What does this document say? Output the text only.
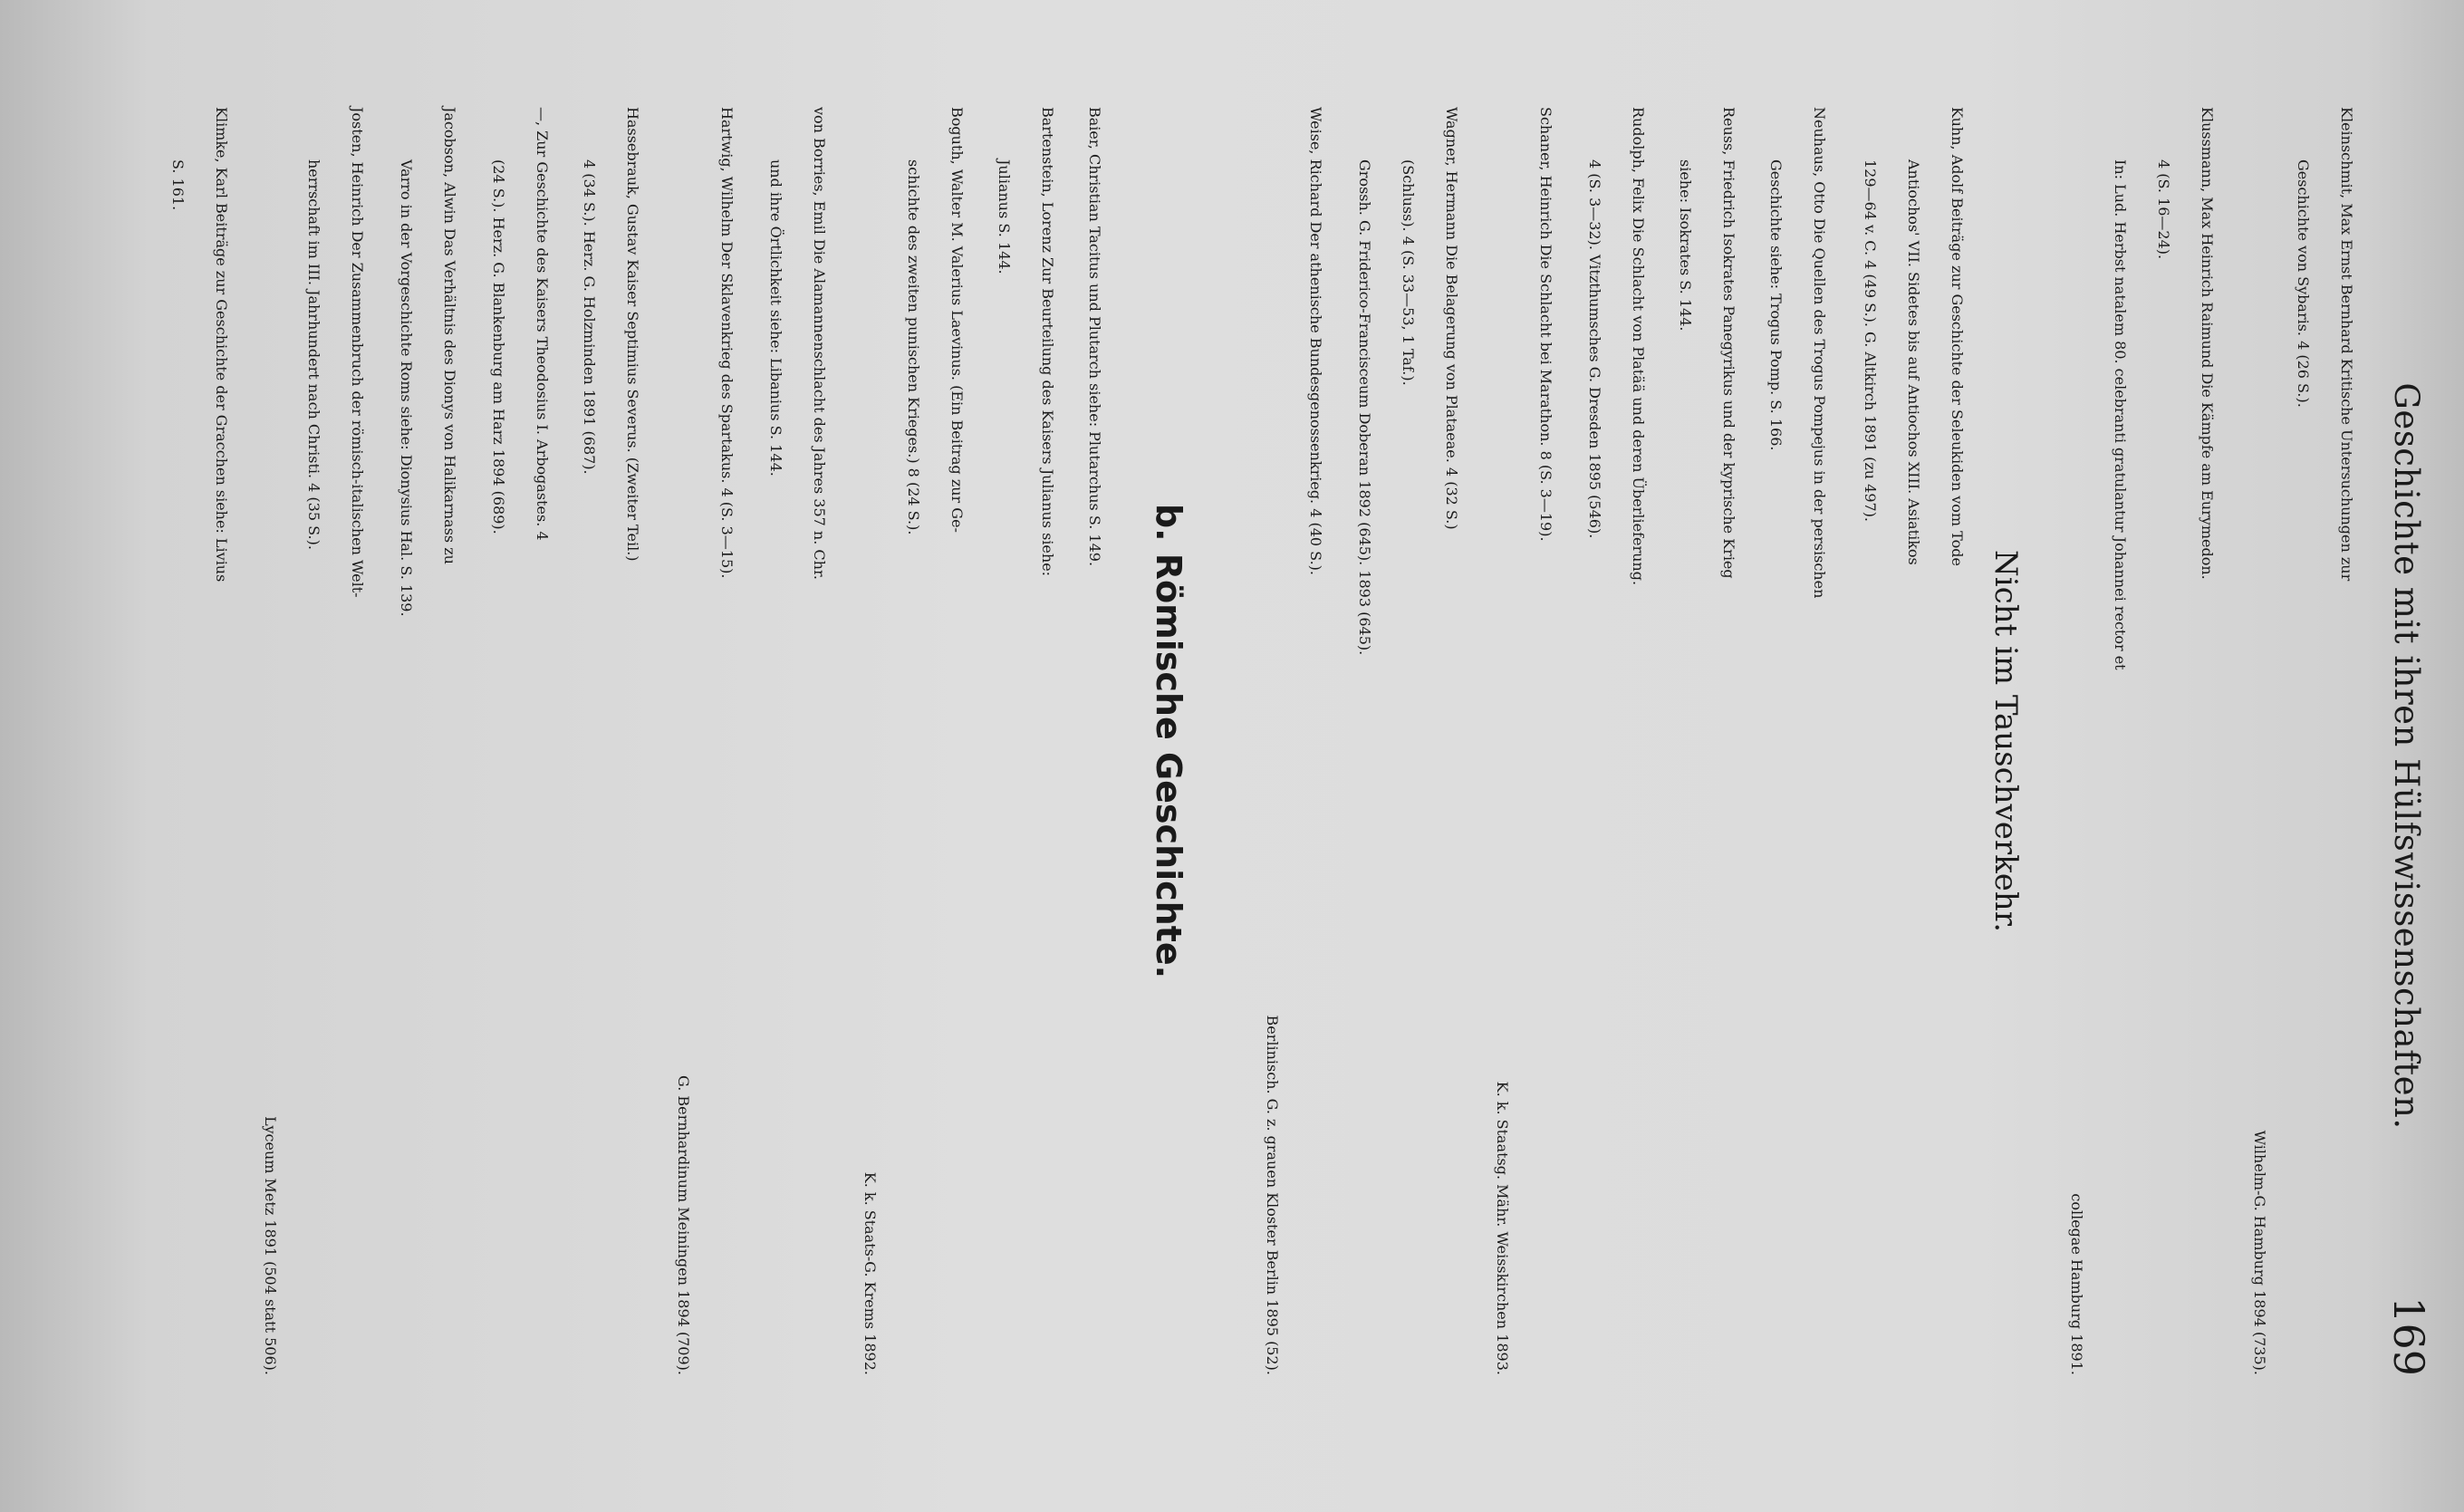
Geschichte mit ihren Hülfswissenschaften.
169
Kleinschmit, Max Ernst Bernhard Kritische Untersuchungen zur
Geschichte von Sybaris. 4 (26 S.).
Wilhelm-G. Hamburg 1894 (735).
Klussmann, Max Heinrich Raimund Die Kämpfe am Eurymedon.
4 (S. 16—24).
In: Lud. Herbst natalem 80. celebranti gratulantur Johannei rector et
collegae Hamburg 1891.
Nicht im Tauschverkehr.
Kuhn, Adolf Beiträge zur Geschichte der Seleukiden vom Tode
Antiochos' VII. Sidetes bis auf Antiochos XIII. Asiatikos
129—64 v. C. 4 (49 S.). G. Altkirch 1891 (zu 497).
Neuhaus, Otto Die Quellen des Trogus Pompejus in der persischen
Geschichte siehe: Trogus Pomp. S. 166.
Reuss, Friedrich Isokrates Panegyrikus und der kyprische Krieg
siehe: Isokrates S. 144.
Rudolph, Felix Die Schlacht von Platää und deren Überlieferung.
4 (S. 3—32). Vitzthumsches G. Dresden 1895 (546).
Schaner, Heinrich Die Schlacht bei Marathon. 8 (S. 3—19).
K. k. Staatsg. Mähr. Weisskirchen 1893.
Wagner, Hermann Die Belagerung von Plataeae. 4 (32 S.)
(Schluss). 4 (S. 33—53, 1 Taf.).
Grossh. G. Friderico-Francisceum Doberan 1892 (645). 1893 (645).
Weise, Richard Der athenische Bundesgenossenkrieg. 4 (40 S.).
Berlinisch. G. z. grauen Kloster Berlin 1895 (52).
b. Römische Geschichte.
Baier, Christian Tacitus und Plutarch siehe: Plutarchus S. 149.
Bartenstein, Lorenz Zur Beurteilung des Kaisers Julianus siehe:
Julianus S. 144.
Boguth, Walter M. Valerius Laevinus. (Ein Beitrag zur Ge-
schichte des zweiten punischen Krieges.) 8 (24 S.).
K. k. Staats-G. Krems 1892.
von Borries, Emil Die Alamannenschlacht des Jahres 357 n. Chr.
und ihre Örtlichkeit siehe: Libanius S. 144.
Hartwig, Wilhelm Der Sklavenkrieg des Spartakus. 4 (S. 3—15).
G. Bernhardinum Meiningen 1894 (709).
Hassebrauk, Gustav Kaiser Septimius Severus. (Zweiter Teil.)
4 (34 S.). Herz. G. Holzminden 1891 (687).
—, Zur Geschichte des Kaisers Theodosius I. Arbogastes. 4
(24 S.). Herz. G. Blankenburg am Harz 1894 (689).
Jacobson, Alwin Das Verhältnis des Dionys von Halikarnass zu
Varro in der Vorgeschichte Roms siehe: Dionysius Hal. S. 139.
Josten, Heinrich Der Zusammenbruch der römisch-italischen Welt-
herrschaft im III. Jahrhundert nach Christi. 4 (35 S.).
Lyceum Metz 1891 (504 statt 506).
Klimke, Karl Beiträge zur Geschichte der Gracchen siehe: Livius
S. 161.
